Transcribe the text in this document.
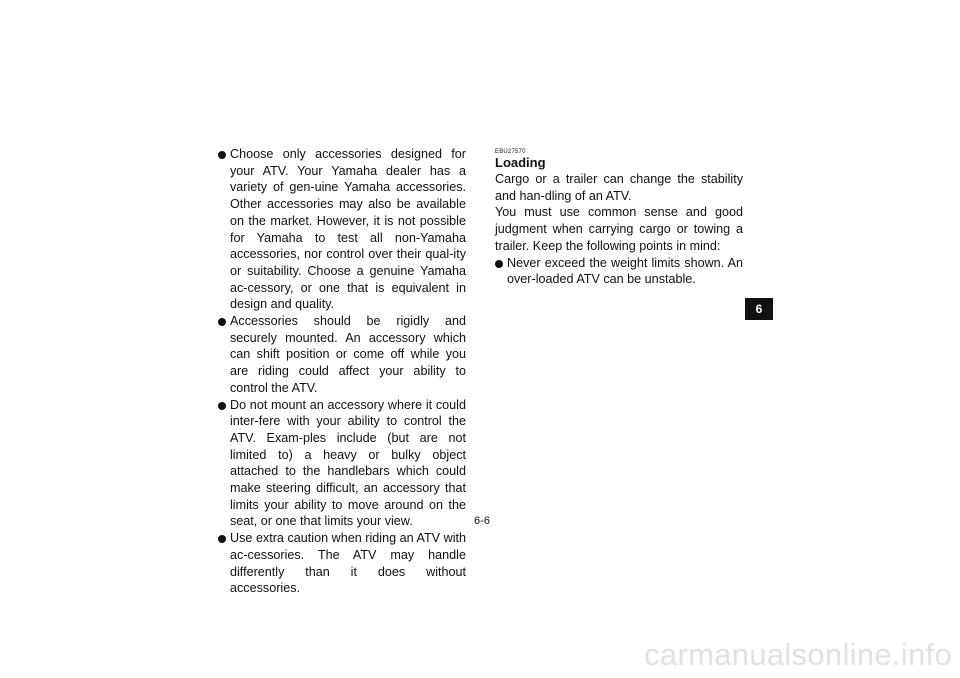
Choose only accessories designed for your ATV. Your Yamaha dealer has a variety of gen-uine Yamaha accessories. Other accessories may also be available on the market. However, it is not possible for Yamaha to test all non-Yamaha accessories, nor control over their qual-ity or suitability. Choose a genuine Yamaha ac-cessory, or one that is equivalent in design and quality.

Accessories should be rigidly and securely mounted. An accessory which can shift position or come off while you are riding could affect your ability to control the ATV.

Do not mount an accessory where it could inter-fere with your ability to control the ATV. Exam-ples include (but are not limited to) a heavy or bulky object attached to the handlebars which could make steering difficult, an accessory that limits your ability to move around on the seat, or one that limits your view.

Use extra caution when riding an ATV with ac-cessories. The ATV may handle differently than it does without accessories.

EBU27570
Loading

Cargo or a trailer can change the stability and han-dling of an ATV.

You must use common sense and good judgment when carrying cargo or towing a trailer. Keep the following points in mind:

Never exceed the weight limits shown. An over-loaded ATV can be unstable.

6
6-6
carmanualsonline.info
